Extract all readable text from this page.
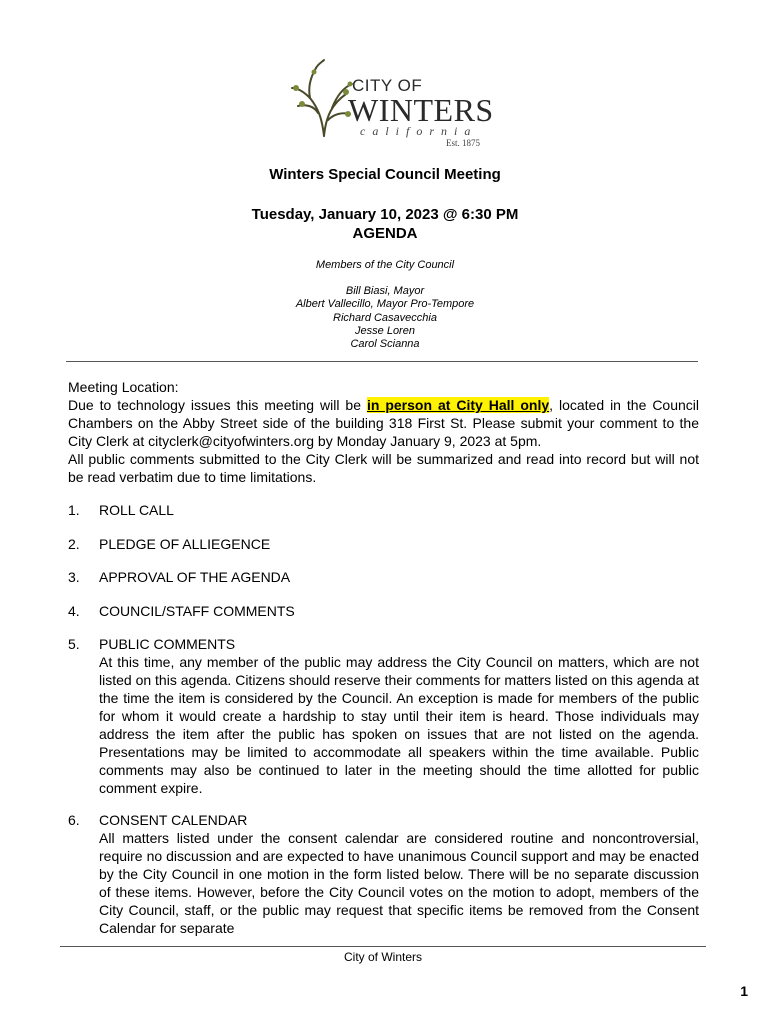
CITY OF
WINTERS
california
Est. 1875
Winters Special Council Meeting
Tuesday, January 10, 2023 @ 6:30 PM
AGENDA
Members of the City Council
Bill Biasi, Mayor
Albert Vallecillo, Mayor Pro-Tempore
Richard Casavecchia
Jesse Loren
Carol Scianna
Meeting Location:
Due to technology issues this meeting will be in person at City Hall only, located in the Council Chambers on the Abby Street side of the building 318 First St. Please submit your comment to the City Clerk at cityclerk@cityofwinters.org by Monday January 9, 2023 at 5pm.
All public comments submitted to the City Clerk will be summarized and read into record but will not be read verbatim due to time limitations.
1. ROLL CALL
2. PLEDGE OF ALLIEGENCE
3. APPROVAL OF THE AGENDA
4. COUNCIL/STAFF COMMENTS
5. PUBLIC COMMENTS
At this time, any member of the public may address the City Council on matters, which are not listed on this agenda. Citizens should reserve their comments for matters listed on this agenda at the time the item is considered by the Council. An exception is made for members of the public for whom it would create a hardship to stay until their item is heard. Those individuals may address the item after the public has spoken on issues that are not listed on the agenda. Presentations may be limited to accommodate all speakers within the time available. Public comments may also be continued to later in the meeting should the time allotted for public comment expire.
6. CONSENT CALENDAR
All matters listed under the consent calendar are considered routine and noncontroversial, require no discussion and are expected to have unanimous Council support and may be enacted by the City Council in one motion in the form listed below. There will be no separate discussion of these items. However, before the City Council votes on the motion to adopt, members of the City Council, staff, or the public may request that specific items be removed from the Consent Calendar for separate
City of Winters
1
